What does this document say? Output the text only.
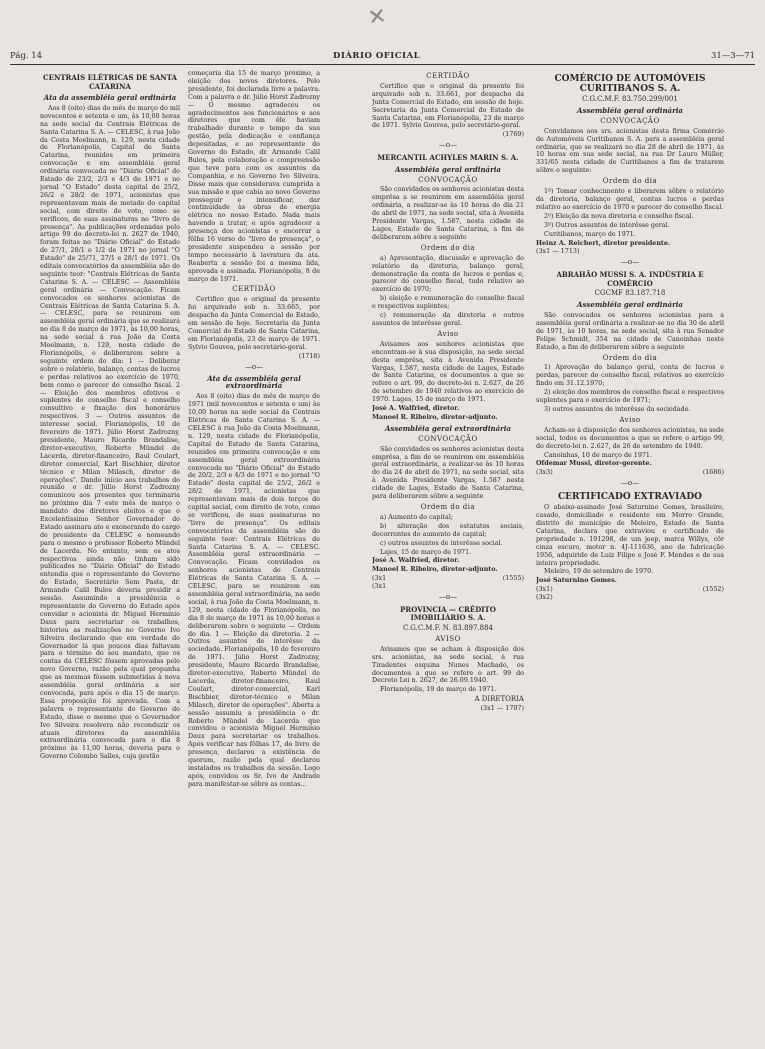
✕
Pág. 14	DIÁRIO OFICIAL	31—3—71
CENTRAIS ELÉTRICAS DE SANTA CATARINA
Ata da assembléia geral ordinária

Aos 8 (oito) dias do mês de março do mil novecentos e setenta e um, às 10,00 horas na sede social da Centrais Elétricas de Santa Catarina S. A. — CELESC, à rua João da Costa Moelmann, n. 129, nesta cidade de Florianópolis, Capital de Santa Catarina, reunidos em primeira convocação e em assembléia geral ordinária convocada no "Diário Oficial" do Estado de 23/2, 2/3 e 4/3 de 1971 e no jornal "O Estado" desta capital de 25/2, 26/2 e 28/2 de 1971, acionistas que representavam mais de metade do capital social, com direito de voto, como se verificou, de suas assinaturas no "livro de presença". As publicações ordenadas pelo artigo 99 do decreto-lei n. 2627 de 1940, foram feitas no "Diário Oficial" do Estado de 27/1, 28/1 e 1/2 de 1971 no jornal "O Estado" de 25/71, 27/1 e 28/1 de 1971. Os editais convocatórios da assembléia são do seguinte teor: "Centrais Elétricas de Santa Catarina S. A. — CELESC — Assembléia geral ordinária — Convocação. Ficam convocados os senhores acionistas de Centrais Elétricas de Santa Catarina S. A. — CELESC, para se reunirem em assembléia geral ordinária que se realizará no dia 8 de março de 1971, às 10,00 horas, na sede social à rua João da Costa Moelmann, n. 129, nesta cidade de Florianópolis, e deliberarem sobre a seguinte ordem do dia: 1 — Deliberar sobre o relatório, balanço, contas de lucros e perdas relativos ao exercício de 1970, bem como o parecer do conselho fiscal. 2 — Eleição dos membros efetivos e suplentes do conselho fiscal e conselho consultivo e fixação dos honorários respectivos. 3 — Outros assuntos de interesse social. Florianópolis, 10 de fevereiro de 1971. Júlio Horst Zadrozny, presidente, Mauro Ricardo Brandalise, diretor-executivo, Roberto Mündel de Lacerda, diretor-financeiro, Raul Coulart, diretor comercial, Karl Bischbier, diretor técnico e Milan Milasch, diretor de operações". Dando início aos trabalhos do reunião o dr. Júlio Horst Zadrozny comunicou aos presentes que terminaria no próximo dia 7 este mês de março o mandato dos diretores eleitos e que o Excelentíssimo Senhor Governador do Estado assinara ato e exonerando do cargo de presidente da CELESC e nomeando para o mesmo o professor Roberto Mündel de Lacerda. No entanto, sem os atos respectivos ainda não tinham sido publicados no "Diário Oficial" do Estado entendia que o representante do Governo do Estado, Secretário Sem Pasta, dr. Armando Calil Bulos deveria presidir a sessão. Assumindo a presidência o representante do Governo do Estado após convidar o acionista dr. Miguel Herminio Daux para secretariar os trabalhos, historiou as realizações no Governo Ivo Silveira declarando que em verdade do Governador lá que poucos dias faltavam para o término do seu mandato, que os contas da CELESC fôssem aprovadas pelo novo Governo, razão pela qual propunha que as mesmas fôssem submetidas à nova assembléia geral ordinária a ser convocada, para após o dia 15 de março. Essa proposição foi aprovada. Com a palavra o representante do Governo do Estado, disse o mesmo que o Governador Ivo Silveira resolvera não reconduzir os atuais diretores da assembléia extraordinária convocada para o dia 8 próximo às 11,00 horas, deveria para o Governo Colombo Salles, cuja gestão

começaria dia 15 de março próximo, a eleição dos novos diretores. Pelo presidente, foi declarada livre a palavra. Com a palavra o dr. Júlio Horst Zadrozny — O mesmo agradeceu os agradecimentos aos funcionários e aos diretores que com êle haviam trabalhado durante o tempo da sua gestão, pela dedicação e confiança depositadas, e ao representante do Governo do Estado, dr. Armando Calil Bulos, pela colaboração e compreensão que teve para com os assuntos da Companhia, e no Governo Ivo Silveira. Disse mais que considerava cumprida a sua missão e que cabia ao novo Governo prosseguir e intensificar, dar continuidade às obras de energia elétrica no nosso Estado. Nada mais havendo a tratar, e após agradecer a presença dos acionistas e encerrar a fôlha 16 verso do "livro de presença", o presidente suspendeu a sessão por tempo necessário à lavratura da ata. Reaberta a sessão foi a mesma lida, aprovada e assinada. Florianópolis, 8 de março de 1971.

CERTIDÃO

Certifico que o original da presente foi arquivado sob n. 33.665, por despacho da Junta Comercial do Estado, em sessão de hoje. Secretaria da Junta Comercial do Estado de Santa Catarina, em Florianópolis, 23 de março de 1971. Sylvio Gouvea, pelo secretário-geral.

(1718)
—o—
Ata da assembléia geral extraordinária

Aos 8 (oito) dias do mês de março de 1971 (mil novecentos e setenta e um) às 10,00 horas na sede social da Centrais Elétricas de Santa Catarina S. A. — CELESC à rua João da Costa Moelmann, n. 129, nesta cidade de Florianópolis, Capital do Estado de Santa Catarina, reunidos em primeira convocação e em assembléia geral extraordinária convocada no "Diário Oficial" do Estado de 20/2, 2/3 e 4/3 de 1971 e no jornal "O Estado" desta capital de 25/2, 26/2 e 28/2 de 1971, acionistas que representavam mais de dois terços do capital social, com direito de voto, como se verificou, de suas assinaturas no "livro de presença". Os editais convocatórios da assembléia são do seguinte teor: Centrais Elétricas de Santa Catarina S. A. — CELESC. Assembléia geral extraordinária — Convocação. Ficam convidados os senhores acionistas de Centrais Elétricas de Santa Catarina S. A. — CELESC, para se reunirem em assembléia geral extraordinária, na sede social, à rua João da Costa Moelmann, n. 129, nesta cidade de Florianópolis, no dia 8 de março de 1971 às 10,00 horas e deliberarem sobre o seguinte — Ordem do dia. 1 — Eleição da diretoria. 2 — Outros assuntos de interêsse da sociedade. Florianópolis, 10 de fevereiro de 1971. Júlio Horst Zadrozny, presidente, Mauro Ricardo Brandalise, diretor-executivo, Roberto Mündel de Lacerda, diretor-financeiro, Raul Coulart, diretor-comercial, Karl Bischbier, diretor-técnico e Milan Milasch, diretor de operações". Aberta a sessão assumiu a presidência o dr. Roberto Mündel de Lacerda que convidou o acionista Miguel Herminio Daux para secretariar os trabalhos. Após verificar nas fôlhas 17, do livro de presença, declarou a existência de quorum, razão pela qual declarou instalados os trabalhos da sessão. Logo após, convidou os Sr. Ivo de Andrade para manifestar-se sôbre as contas...

CERTIDÃO

Certifico que o original da presente foi arquivado sob n. 33.661, por despacho da Junta Comercial do Estado, em sessão de hoje. Secretaria da Junta Comercial do Estado de Santa Catarina, em Florianópolis, 23 de março de 1971. Sylvio Gouvea, pelo secretário-geral.

(1769)
—o—
MERCANTIL ACHYLES MARIN S. A.
Assembléia geral ordinária
CONVOCAÇÃO

São convidados os senhores acionistas desta emprêsa a se reunirem em assembléia geral ordinária, a realizar-se às 10 horas do dia 21 de abril de 1971, na sede social, sita à Avenida Presidente Vargas, 1.587, nesta cidade de Lages, Estado de Santa Catarina, a fim de deliberarem sôbre a seguinte

Ordem do dia

a) Apresentação, discussão e aprovação do relatório da diretoria, balanço geral, demonstração da conta de lucros e perdas e, parecer do conselho fiscal, tudo relativo ao exercício de 1970;

b) eleição e remuneração do conselho fiscal e respectivos suplentes;

c) remuneração da diretoria e outros assuntos de interêsse geral.

Aviso

Avisamos aos senhores acionistas que encontram-se à sua disposição, na sede social desta emprêsa, sita à Avenida Presidente Vargas, 1.587, nesta cidade de Lages, Estado de Santa Catarina, os documentos a que se refere o art. 99, do decreto-lei n. 2.627, de 26 de setembro de 1940 relativos ao exercício de 1970. Lages, 15 de março de 1971.

José A. Walfried, diretor.

Manoel R. Ribeiro, diretor-adjunto.

Assembléia geral extraordinária
CONVOCAÇÃO

São convidados os senhores acionistas desta emprêsa, a fim de se reunirem em assembléia geral extraordinária, a realizar-se às 10 horas do dia 24 de abril de 1971, na sede social, sita à Avenida Presidente Vargas, 1.587 nesta cidade de Lages, Estado de Santa Catarina, para deliberarem sôbre a seguinte

Ordem do dia

a) Aumento do capital;

b) alteração dos estatutos sociais, decorrentes do aumento de capital;

c) outros assuntos de interêsse social.

Lajes, 15 de março de 1971.

José A. Walfried, diretor.

Manoel R. Ribeiro, diretor-adjunto.

(3x1	(1555)
(3x1
—o—
PROVINCIA — CRÉDITO IMOBILIÁRIO S. A.
C.G.C.M.F. N. 83.897.884
AVISO

Avisamos que se acham à disposição dos srs. acionistas, na sede social, à rua Tiradentes esquina Nunes Machado, os documentos a que se refere o art. 99 do Decreto Lei n. 2627, de 26.09.1940.

Florianópolis, 19 de março de 1971.

A DIRETORIA
(3x1 — 1707)
COMÉRCIO DE AUTOMÓVEIS CURITIBANOS S. A.
C.G.C.M.F. 83.750.299/001
Assembléia geral ordinária
CONVOCAÇÃO

Convidamos aos srs. acionistas desta firma Comércio de Automóveis Curitibanos S. A. para a assembléia geral ordinária, que se realizará no dia 28 de abril de 1971, às 10 horas em sua sede social, na rua Dr Lauro Müller, 331/65 nesta cidade de Curitibanos a fim de tratarem sôbre o seguinte:

Ordem do dia

1º) Tomar conhecimento e liberarem sôbre o relatório da diretoria, balanço geral, contas lucros e perdas relativo ao exercício de 1970 e parecer do conselho fiscal.

2º) Eleição da nova diretoria e conselho fiscal.

3º) Outros assuntos de interêsse geral.

Curitibanos, março de 1971.

Heinz A. Reichert, diretor presidente.

(3x1 — 1713)
—o—
ABRAHÃO MUSSI S. A. INDÚSTRIA E COMÉRCIO
CGCMF 83.187.718
Assembléia geral ordinária

São convocados os senhores acionistas para a assembléia geral ordinária a realizar-se no dia 30 de abril de 1971, às 10 horas, na sede social, sita à rua Senador Felipe Schmidt, 354 na cidade de Canoinhas neste Estado, a fim de deliberarem sôbre a seguinte

Ordem do dia

1) Aprovação do balanço geral, conta de lucros e perdas, parecer do conselho fiscal, relativos ao exercício findo em 31.12.1970;

2) eleição dos membros do conselho fiscal e respectivos suplentes para o exercício de 1971;

3) outros assuntos de interêsse da sociedade.

Aviso

Acham-se à disposição dos senhores acionistas, na sede social, todos os documentos a que se refere o artigo 99, do decreto-lei n. 2.627, de 26 de setembro de 1940.

Canoinhas, 10 de março de 1971.

Ofdemar Mussi, diretor-gerente.

(3x3)	(1686)
—o—
CERTIFICADO EXTRAVIADO

O abaixo-assinado José Saturnino Gomes, brasileiro, casado, domiciliado e residente em Morro Grande, distrito do município de Meleiro, Estado de Santa Catarina, declara que extraviou o certificado de propriedade n. 191298, de um jeep, marca Willys, côr cinza escuro, motor n. 4J-111636, ano de fabricação 1956, adquirido de Luiz Filipe e José F. Mendes e de sua inteira propriedade.

Meleiro, 19 de setembro de 1970.

José Saturnino Gomes.

(3x1)	(1552)
(3x2)
